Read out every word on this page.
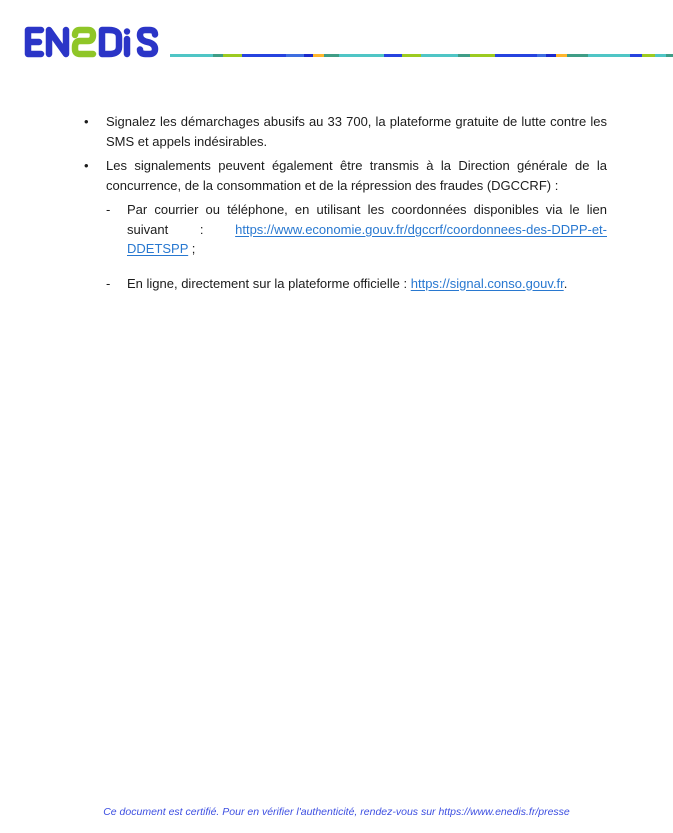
• Signalez les démarchages abusifs au 33 700, la plateforme gratuite de lutte contre les SMS et appels indésirables.
• Les signalements peuvent également être transmis à la Direction générale de la concurrence, de la consommation et de la répression des fraudes (DGCCRF) :
- Par courrier ou téléphone, en utilisant les coordonnées disponibles via le lien suivant : https://www.economie.gouv.fr/dgccrf/coordonnees-des-DDPP-et-DDETSPP ;
- En ligne, directement sur la plateforme officielle : https://signal.conso.gouv.fr.
Ce document est certifié. Pour en vérifier l'authenticité, rendez-vous sur https://www.enedis.fr/presse
